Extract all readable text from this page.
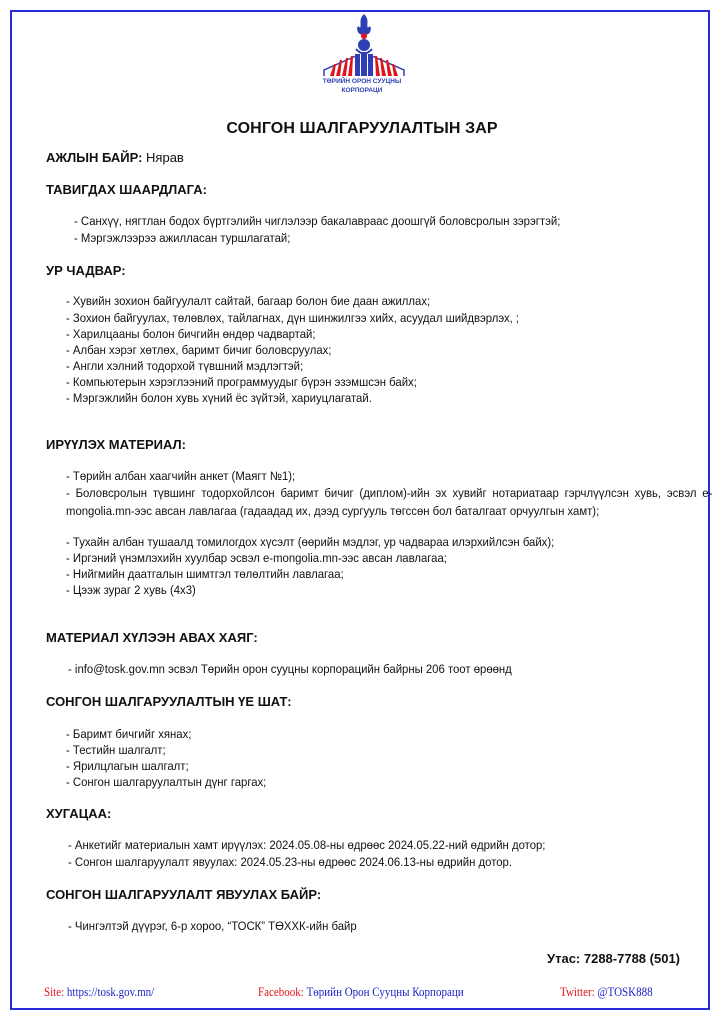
ТӨРИЙН ОРОН СУУЦНЫ
КОРПОРАЦИ
СОНГОН ШАЛГАРУУЛАЛТЫН ЗАР
АЖЛЫН БАЙР: Нярав
ТАВИГДАХ ШААРДЛАГА:
- Санхүү, нягтлан бодох бүртгэлийн чиглэлээр бакалавраас доошгүй боловсролын зэрэгтэй;
- Мэргэжлээрээ ажилласан туршлагатай;
УР ЧАДВАР:
- Хувийн зохион байгуулалт сайтай, багаар болон бие даан ажиллах;
- Зохион байгуулах, төлөвлөх, тайлагнах, дүн шинжилгээ хийх, асуудал шийдвэрлэх, ;
- Харилцааны болон бичгийн өндөр чадвартай;
- Албан хэрэг хөтлөх, баримт бичиг боловсруулах;
- Англи хэлний тодорхой түвшний мэдлэгтэй;
- Компьютерын хэрэглээний программуудыг бүрэн эзэмшсэн байх;
- Мэргэжлийн болон хувь хүний ёс зүйтэй, хариуцлагатай.
ИРҮҮЛЭХ МАТЕРИАЛ:
- Төрийн албан хаагчийн анкет (Маягт №1);
- Боловсролын түвшинг тодорхойлсон баримт бичиг (диплом)-ийн эх хувийг нотариатаар гэрчлүүлсэн хувь, эсвэл e-mongolia.mn-ээс авсан лавлагаа (гадаадад их, дээд сургууль төгссөн бол баталгаат орчуулгын хамт);
- Тухайн албан тушаалд томилогдох хүсэлт (өөрийн мэдлэг, ур чадвараа илэрхийлсэн байх);
- Иргэний үнэмлэхийн хуулбар эсвэл e-mongolia.mn-ээс авсан лавлагаа;
- Нийгмийн даатгалын шимтгэл төлөлтийн лавлагаа;
- Цээж зураг 2 хувь (4x3)
МАТЕРИАЛ ХҮЛЭЭН АВАХ ХАЯГ:
- info@tosk.gov.mn эсвэл Төрийн орон сууцны корпорацийн байрны 206 тоот өрөөнд
СОНГОН ШАЛГАРУУЛАЛТЫН ҮЕ ШАТ:
- Баримт бичгийг хянах;
- Тестийн шалгалт;
- Ярилцлагын шалгалт;
- Сонгон шалгаруулалтын дүнг гаргах;
ХУГАЦАА:
- Анкетийг материалын хамт ирүүлэх: 2024.05.08-ны өдрөөс 2024.05.22-ний өдрийн дотор;
- Сонгон шалгаруулалт явуулах: 2024.05.23-ны өдрөөс 2024.06.13-ны өдрийн дотор.
СОНГОН ШАЛГАРУУЛАЛТ ЯВУУЛАХ БАЙР:
- Чингэлтэй дүүрэг, 6-р хороо, “ТОСК” ТӨХХК-ийн байр
Утас: 7288-7788 (501)
Site: https://tosk.gov.mn/	Facebook: Төрийн Орон Сууцны Корпораци	Twitter: @TOSK888
